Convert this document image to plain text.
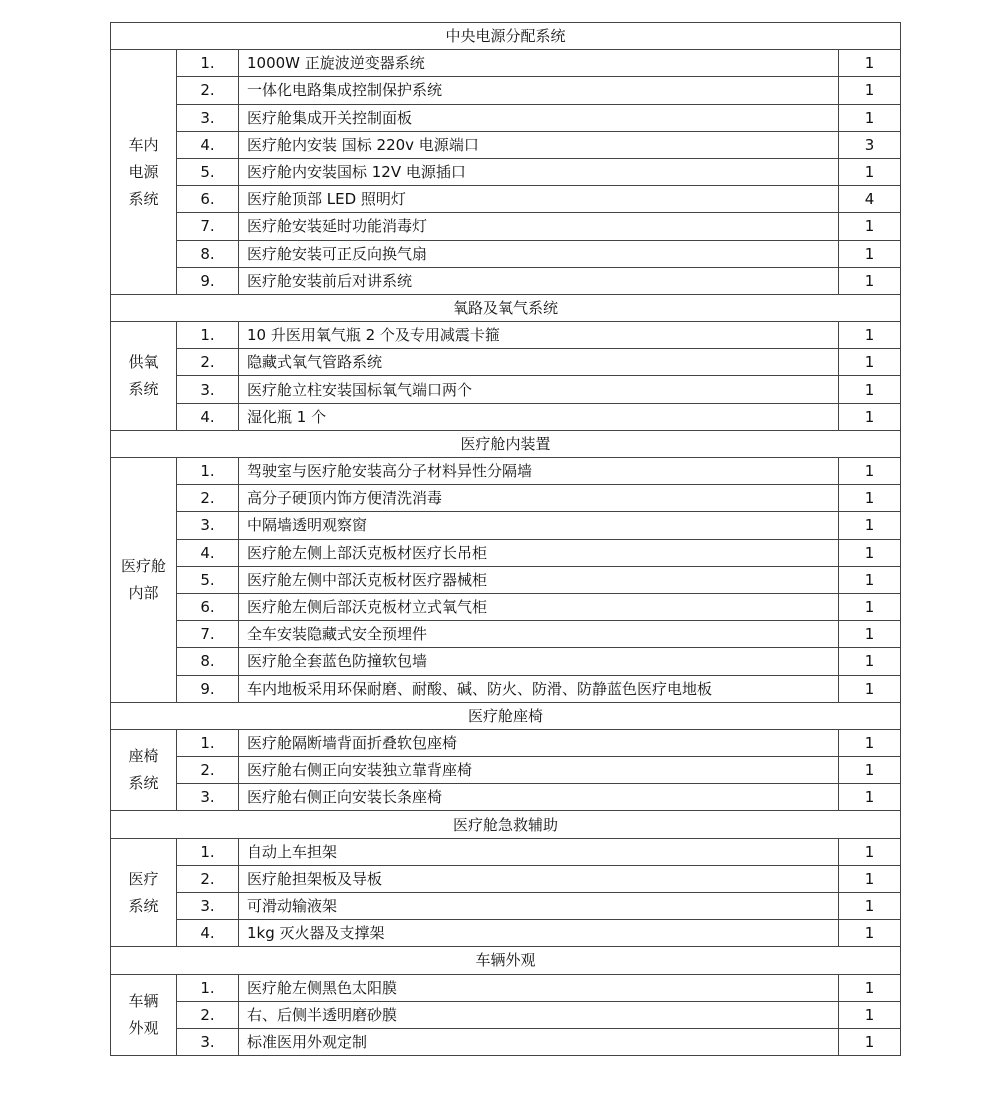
中央电源分配系统			
车内
电源
系统	1.	1000W 正旋波逆变器系统	1
	2.	一体化电路集成控制保护系统	1
	3.	医疗舱集成开关控制面板	1
	4.	医疗舱内安装 国标 220v 电源端口	3
	5.	医疗舱内安装国标 12V 电源插口	1
	6.	医疗舱顶部 LED 照明灯	4
	7.	医疗舱安装延时功能消毒灯	1
	8.	医疗舱安装可正反向换气扇	1
	9.	医疗舱安装前后对讲系统	1
氧路及氧气系统			
供氧
系统	1.	10 升医用氧气瓶 2 个及专用减震卡箍	1
	2.	隐藏式氧气管路系统	1
	3.	医疗舱立柱安装国标氧气端口两个	1
	4.	湿化瓶 1 个	1
医疗舱内装置			
医疗舱
内部	1.	驾驶室与医疗舱安装高分子材料异性分隔墙	1
	2.	高分子硬顶内饰方便清洗消毒	1
	3.	中隔墙透明观察窗	1
	4.	医疗舱左侧上部沃克板材医疗长吊柜	1
	5.	医疗舱左侧中部沃克板材医疗器械柜	1
	6.	医疗舱左侧后部沃克板材立式氧气柜	1
	7.	全车安装隐藏式安全预埋件	1
	8.	医疗舱全套蓝色防撞软包墙	1
	9.	车内地板采用环保耐磨、耐酸、碱、防火、防滑、防静蓝色医疗电地板	1
医疗舱座椅			
座椅
系统	1.	医疗舱隔断墙背面折叠软包座椅	1
	2.	医疗舱右侧正向安装独立靠背座椅	1
	3.	医疗舱右侧正向安装长条座椅	1
医疗舱急救辅助			
医疗
系统	1.	自动上车担架	1
	2.	医疗舱担架板及导板	1
	3.	可滑动输液架	1
	4.	1kg 灭火器及支撑架	1
车辆外观			
车辆
外观	1.	医疗舱左侧黑色太阳膜	1
	2.	右、后侧半透明磨砂膜	1
	3.	标准医用外观定制	1
